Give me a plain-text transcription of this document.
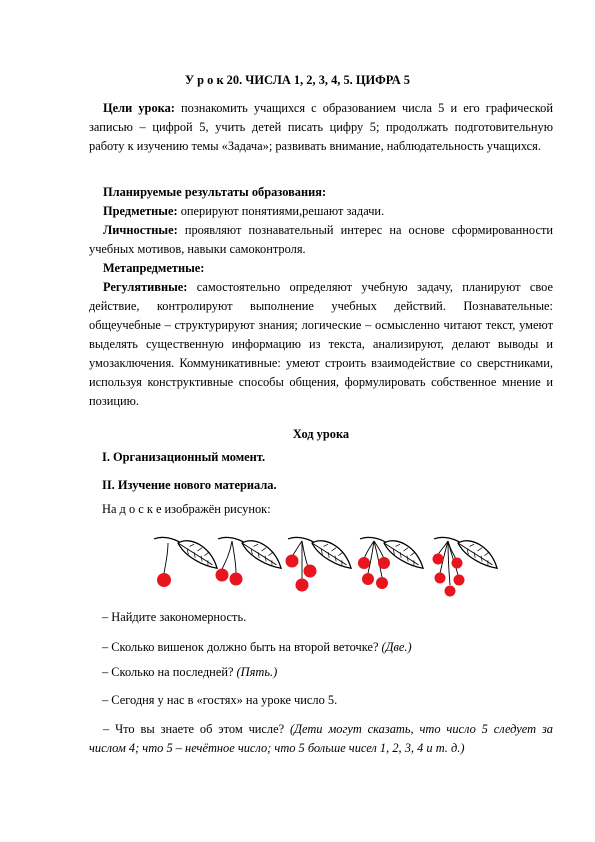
У р о к 20. ЧИСЛА 1, 2, 3, 4, 5. ЦИФРА 5

Цели урока: познакомить учащихся с образованием числа 5 и его графической записью – цифрой 5, учить детей писать цифру 5; продолжать подготовительную работу к изучению темы «Задача»; развивать внимание, наблюдательность учащихся.

Планируемые результаты образования:

Предметные: оперируют понятиями,решают задачи.

Личностные: проявляют познавательный интерес на основе сформированности учебных мотивов, навыки самоконтроля.

Метапредметные:

Регулятивные: самостоятельно определяют учебную задачу, планируют свое действие, контролируют выполнение учебных действий. Познавательные: общеучебные – структурируют знания; логические – осмысленно читают текст, умеют выделять существенную информацию из текста, анализируют, делают выводы и умозаключения. Коммуникативные: умеют строить взаимодействие со сверстниками, используя конструктивные способы общения, формулировать собственное мнение и позицию.

Ход урока
I. Организационный момент.
II. Изучение нового материала.
На д о с к е изображён рисунок:
– Найдите закономерность.
– Сколько вишенок должно быть на второй веточке? (Две.)
– Сколько на последней? (Пять.)
– Сегодня у нас в «гостях» на уроке число 5.

– Что вы знаете об этом числе? (Дети могут сказать, что число 5 следует за числом 4; что 5 – нечётное число; что 5 больше чисел 1, 2, 3, 4 и т. д.)
